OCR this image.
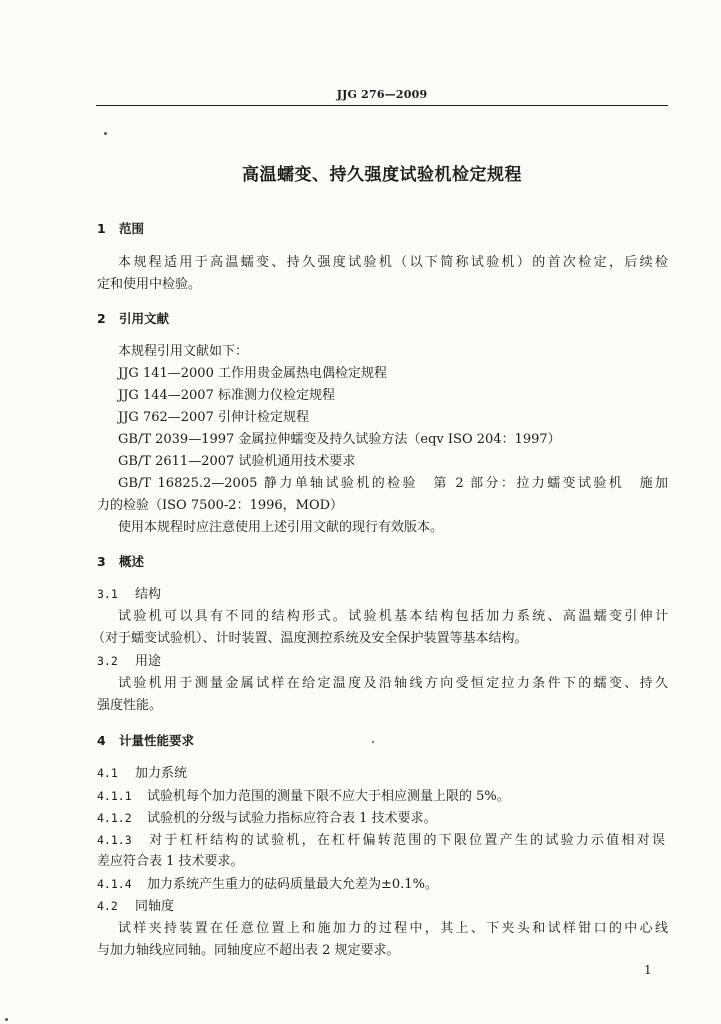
JJG 276—2009
高温蠕变、持久强度试验机检定规程
1 范围
本规程适用于高温蠕变、持久强度试验机（以下简称试验机）的首次检定，后续检
定和使用中检验。
2 引用文献
本规程引用文献如下：
JJG 141—2000 工作用贵金属热电偶检定规程
JJG 144—2007 标准测力仪检定规程
JJG 762—2007 引伸计检定规程
GB/T 2039—1997 金属拉伸蠕变及持久试验方法（eqv ISO 204：1997）
GB/T 2611—2007 试验机通用技术要求
GB/T 16825.2—2005 静力单轴试验机的检验　第 2 部分：拉力蠕变试验机　施加
力的检验（ISO 7500-2：1996，MOD）
使用本规程时应注意使用上述引用文献的现行有效版本。
3 概述
3.1 结构
试验机可以具有不同的结构形式。试验机基本结构包括加力系统、高温蠕变引伸计
（对于蠕变试验机）、计时装置、温度测控系统及安全保护装置等基本结构。
3.2 用途
试验机用于测量金属试样在给定温度及沿轴线方向受恒定拉力条件下的蠕变、持久
强度性能。
4 计量性能要求
4.1 加力系统
4.1.1 试验机每个加力范围的测量下限不应大于相应测量上限的 5%。
4.1.2 试验机的分级与试验力指标应符合表 1 技术要求。
4.1.3 对于杠杆结构的试验机，在杠杆偏转范围的下限位置产生的试验力示值相对误
差应符合表 1 技术要求。
4.1.4 加力系统产生重力的砝码质量最大允差为±0.1%。
4.2 同轴度
试样夹持装置在任意位置上和施加力的过程中，其上、下夹头和试样钳口的中心线
与加力轴线应同轴。同轴度应不超出表 2 规定要求。
1
